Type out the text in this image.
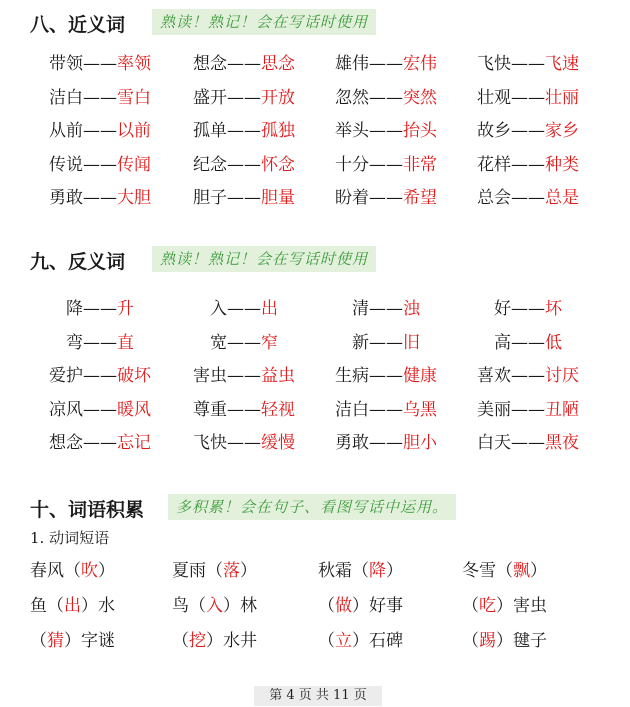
八、近义词	熟读！熟记！会在写话时使用
带领——率领	想念——思念	雄伟——宏伟	飞快——飞速
洁白——雪白	盛开——开放	忽然——突然	壮观——壮丽
从前——以前	孤单——孤独	举头——抬头	故乡——家乡
传说——传闻	纪念——怀念	十分——非常	花样——种类
勇敢——大胆	胆子——胆量	盼着——希望	总会——总是
九、反义词	熟读！熟记！会在写话时使用
降——升	入——出	清——浊	好——坏
弯——直	宽——窄	新——旧	高——低
爱护——破坏	害虫——益虫	生病——健康	喜欢——讨厌
凉风——暖风	尊重——轻视	洁白——乌黑	美丽——丑陋
想念——忘记	飞快——缓慢	勇敢——胆小	白天——黑夜
十、词语积累	多积累！会在句子、看图写话中运用。
1. 动词短语
春风（吹）	夏雨（落）	秋霜（降）	冬雪（飘）
鱼（出）水	鸟（入）林	（做）好事	（吃）害虫
（猜）字谜	（挖）水井	（立）石碑	（踢）毽子
第 4 页 共 11 页
